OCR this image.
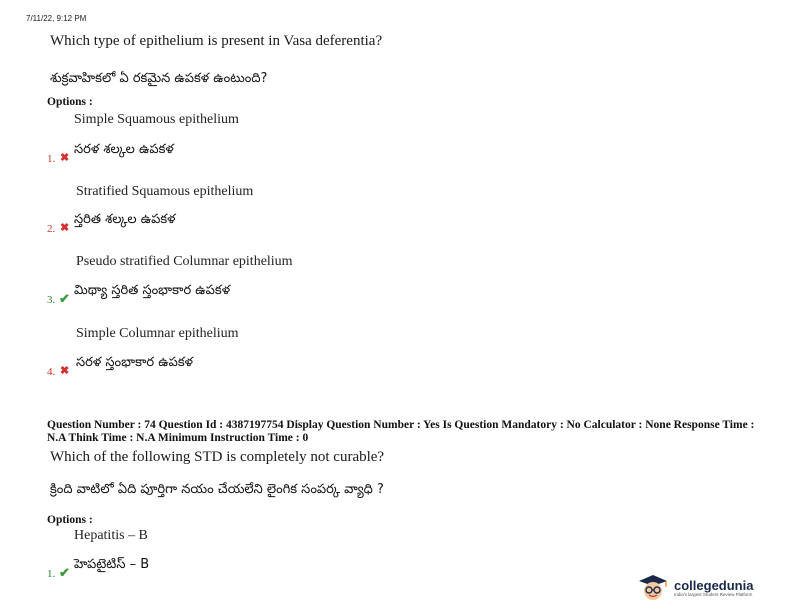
7/11/22, 9:12 PM
Which type of epithelium is present in Vasa deferentia?
శుక్రవాహికలో ఏ రకమైన ఉపకళ ఉంటుంది?
Options :
Simple Squamous epithelium
సరళ శల్కల ఉపకళ
1. ✖
Stratified Squamous epithelium
స్తరిత శల్కల ఉపకళ
2. ✖
Pseudo stratified Columnar epithelium
మిథ్యా స్తరిత స్తంభాకార ఉపకళ
3. ✔
Simple Columnar epithelium
సరళ స్తంభాకార ఉపకళ
4. ✖
Question Number : 74 Question Id : 4387197754 Display Question Number : Yes Is Question Mandatory : No Calculator : None Response Time : N.A Think Time : N.A Minimum Instruction Time : 0
Which of the following STD is completely not curable?
క్రింది వాటిలో ఏది పూర్తిగా నయం చేయలేని లైంగిక సంపర్క వ్యాధి ?
Options :
Hepatitis – B
హెపటైటిస్ – B
1. ✔
collegedunia
India's largest Student Review Platform
